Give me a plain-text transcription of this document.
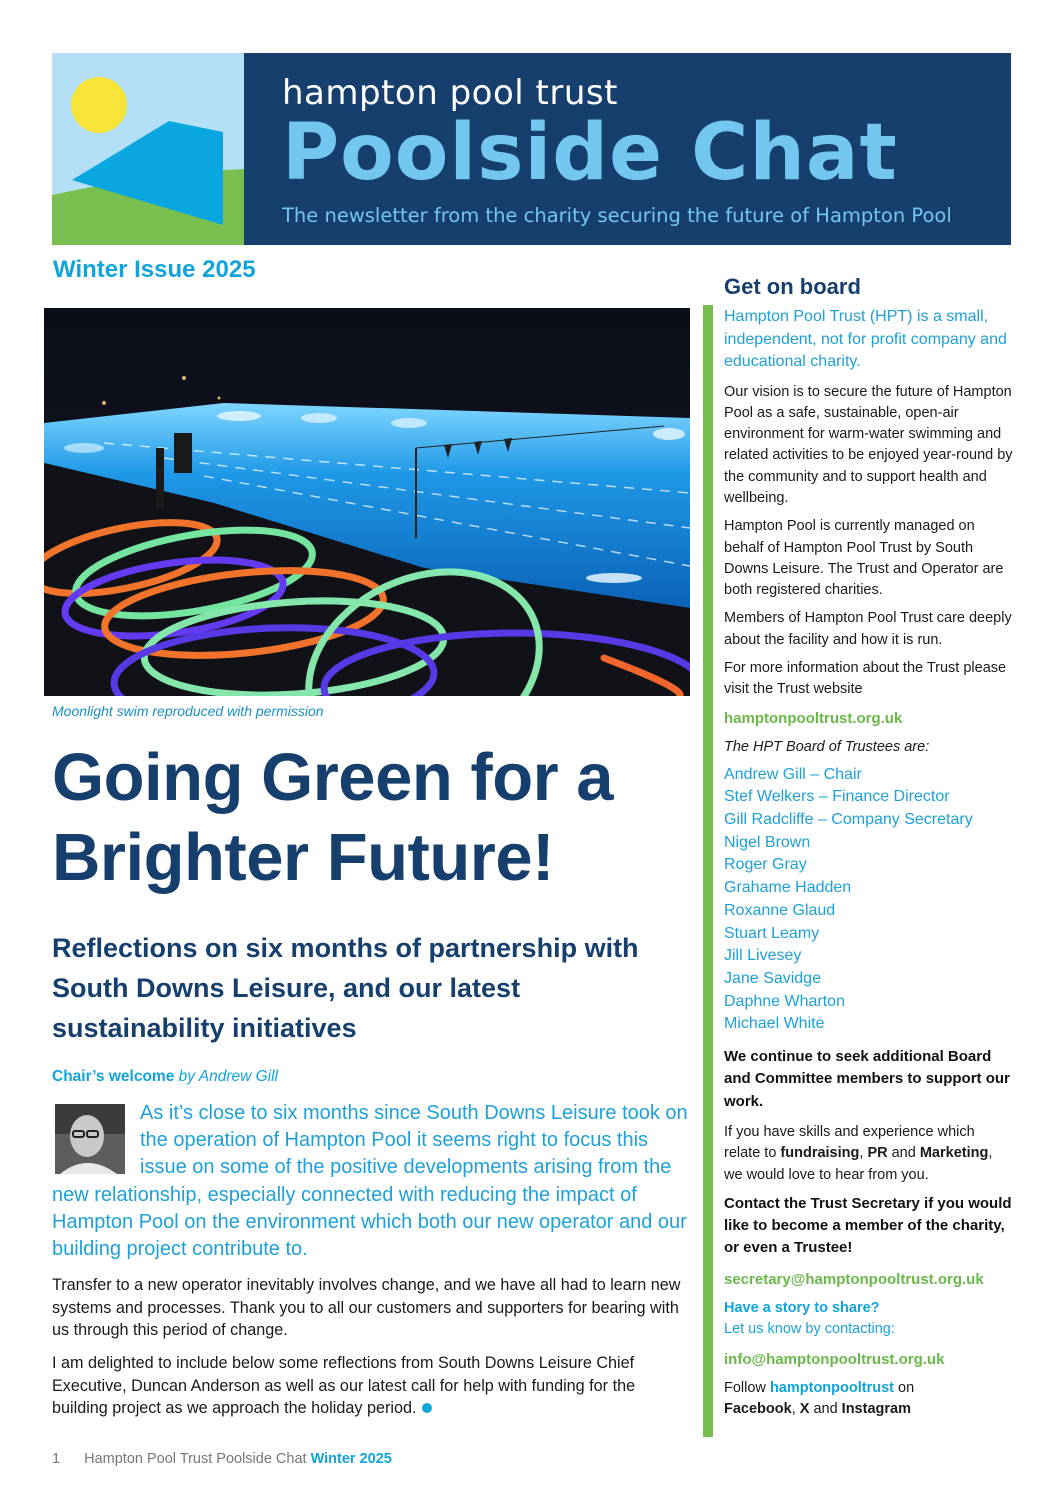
hampton pool trust
Poolside Chat
The newsletter from the charity securing the future of Hampton Pool
Winter Issue 2025
Moonlight swim reproduced with permission
Going Green for a
Brighter Future!
Reflections on six months of partnership with South Downs Leisure, and our latest sustainability initiatives
Chair’s welcome by Andrew Gill
As it’s close to six months since South Downs Leisure took on the operation of Hampton Pool it seems right to focus this issue on some of the positive developments arising from the new relationship, especially connected with reducing the impact of Hampton Pool on the environment which both our new operator and our building project contribute to.

Transfer to a new operator inevitably involves change, and we have all had to learn new systems and processes. Thank you to all our customers and supporters for bearing with us through this period of change.

I am delighted to include below some reflections from South Downs Leisure Chief Executive, Duncan Anderson as well as our latest call for help with funding for the building project as we approach the holiday period.

1 Hampton Pool Trust Poolside Chat Winter 2025
Get on board
Hampton Pool Trust (HPT) is a small, independent, not for profit company and educational charity.

Our vision is to secure the future of Hampton Pool as a safe, sustainable, open-air environment for warm-water swimming and related activities to be enjoyed year-round by the community and to support health and wellbeing.

Hampton Pool is currently managed on behalf of Hampton Pool Trust by South Downs Leisure. The Trust and Operator are both registered charities.

Members of Hampton Pool Trust care deeply about the facility and how it is run.

For more information about the Trust please visit the Trust website

hamptonpooltrust.org.uk
The HPT Board of Trustees are:
Andrew Gill – Chair
Stef Welkers – Finance Director
Gill Radcliffe – Company Secretary
Nigel Brown
Roger Gray
Grahame Hadden
Roxanne Glaud
Stuart Leamy
Jill Livesey
Jane Savidge
Daphne Wharton
Michael White
We continue to seek additional Board and Committee members to support our work.

If you have skills and experience which relate to fundraising, PR and Marketing, we would love to hear from you.

Contact the Trust Secretary if you would like to become a member of the charity, or even a Trustee!
secretary@hamptonpooltrust.org.uk
Have a story to share?
Let us know by contacting:
info@hamptonpooltrust.org.uk

Follow hamptonpooltrust on
Facebook, X and Instagram
